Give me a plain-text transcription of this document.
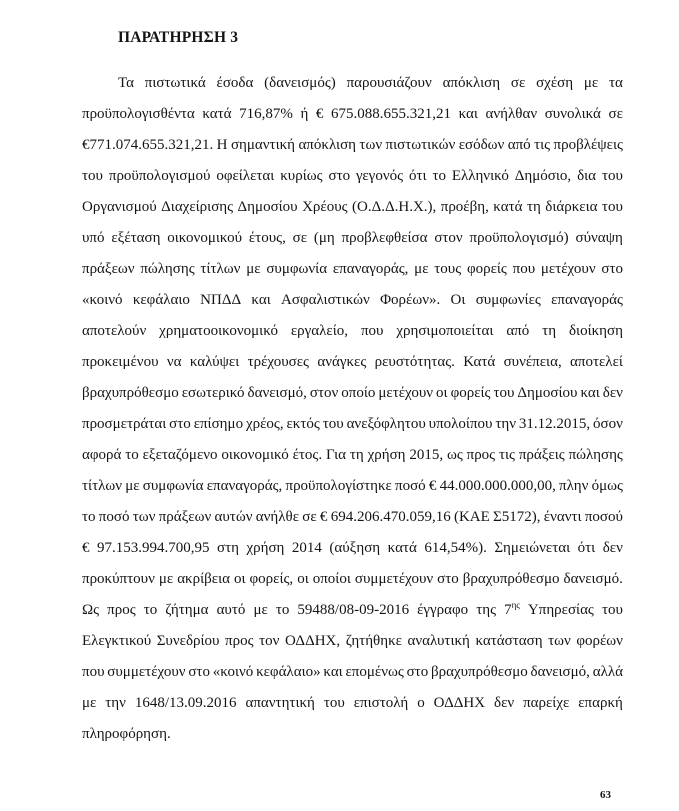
ΠΑΡΑΤΗΡΗΣΗ 3
Τα πιστωτικά έσοδα (δανεισμός) παρουσιάζουν απόκλιση σε σχέση με τα
προϋπολογισθέντα κατά 716,87% ή € 675.088.655.321,21 και ανήλθαν συνολικά σε
€771.074.655.321,21. Η σημαντική απόκλιση των πιστωτικών εσόδων από τις προβλέψεις
του προϋπολογισμού οφείλεται κυρίως στο γεγονός ότι το Ελληνικό Δημόσιο, δια του
Οργανισμού Διαχείρισης Δημοσίου Χρέους (Ο.Δ.Δ.Η.Χ.), προέβη, κατά τη διάρκεια του
υπό εξέταση οικονομικού έτους, σε (μη προβλεφθείσα στον προϋπολογισμό) σύναψη
πράξεων πώλησης τίτλων με συμφωνία επαναγοράς, με τους φορείς που μετέχουν στο
«κοινό κεφάλαιο ΝΠΔΔ και Ασφαλιστικών Φορέων». Οι συμφωνίες επαναγοράς
αποτελούν χρηματοοικονομικό εργαλείο, που χρησιμοποιείται από τη διοίκηση
προκειμένου να καλύψει τρέχουσες ανάγκες ρευστότητας. Κατά συνέπεια, αποτελεί
βραχυπρόθεσμο εσωτερικό δανεισμό, στον οποίο μετέχουν οι φορείς του Δημοσίου και δεν
προσμετράται στο επίσημο χρέος, εκτός του ανεξόφλητου υπολοίπου την 31.12.2015, όσον
αφορά το εξεταζόμενο οικονομικό έτος. Για τη χρήση 2015, ως προς τις πράξεις πώλησης
τίτλων με συμφωνία επαναγοράς, προϋπολογίστηκε ποσό € 44.000.000.000,00, πλην όμως
το ποσό των πράξεων αυτών ανήλθε σε € 694.206.470.059,16 (ΚΑΕ Σ5172), έναντι ποσού
€ 97.153.994.700,95 στη χρήση 2014 (αύξηση κατά 614,54%). Σημειώνεται ότι δεν
προκύπτουν με ακρίβεια οι φορείς, οι οποίοι συμμετέχουν στο βραχυπρόθεσμο δανεισμό.
Ως προς το ζήτημα αυτό με το 59488/08-09-2016 έγγραφο της $7^{\eta\varsigma}$ Υπηρεσίας του
Ελεγκτικού Συνεδρίου προς τον ΟΔΔΗΧ, ζητήθηκε αναλυτική κατάσταση των φορέων
που συμμετέχουν στο «κοινό κεφάλαιο» και επομένως στο βραχυπρόθεσμο δανεισμό, αλλά
με την 1648/13.09.2016 απαντητική του επιστολή ο ΟΔΔΗΧ δεν παρείχε επαρκή
πληροφόρηση.
63
